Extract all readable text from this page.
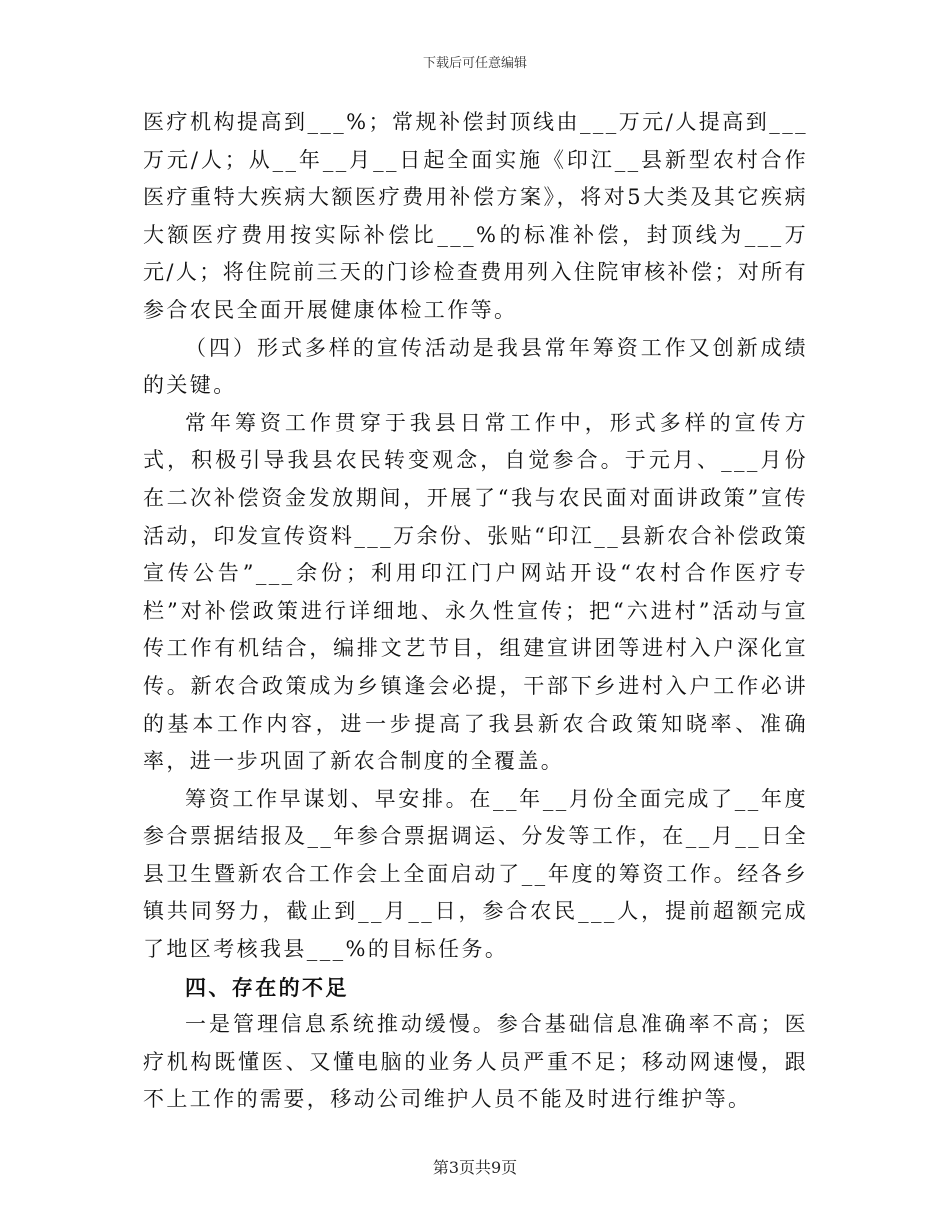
下载后可任意编辑

医疗机构提高到___%；常规补偿封顶线由___万元/人提高到___万元/人；从__年__月__日起全面实施《印江__县新型农村合作医疗重特大疾病大额医疗费用补偿方案》，将对5大类及其它疾病大额医疗费用按实际补偿比___%的标准补偿，封顶线为___万元/人；将住院前三天的门诊检查费用列入住院审核补偿；对所有参合农民全面开展健康体检工作等。

（四）形式多样的宣传活动是我县常年筹资工作又创新成绩的关键。

常年筹资工作贯穿于我县日常工作中，形式多样的宣传方式，积极引导我县农民转变观念，自觉参合。于元月、___月份在二次补偿资金发放期间，开展了“我与农民面对面讲政策”宣传活动，印发宣传资料___万余份、张贴“印江__县新农合补偿政策宣传公告”___余份；利用印江门户网站开设“农村合作医疗专栏”对补偿政策进行详细地、永久性宣传；把“六进村”活动与宣传工作有机结合，编排文艺节目，组建宣讲团等进村入户深化宣传。新农合政策成为乡镇逢会必提，干部下乡进村入户工作必讲的基本工作内容，进一步提高了我县新农合政策知晓率、准确率，进一步巩固了新农合制度的全覆盖。

筹资工作早谋划、早安排。在__年__月份全面完成了__年度参合票据结报及__年参合票据调运、分发等工作，在__月__日全县卫生暨新农合工作会上全面启动了__年度的筹资工作。经各乡镇共同努力，截止到__月__日，参合农民___人，提前超额完成了地区考核我县___%的目标任务。

四、存在的不足

一是管理信息系统推动缓慢。参合基础信息准确率不高；医疗机构既懂医、又懂电脑的业务人员严重不足；移动网速慢，跟不上工作的需要，移动公司维护人员不能及时进行维护等。

第3页共9页
